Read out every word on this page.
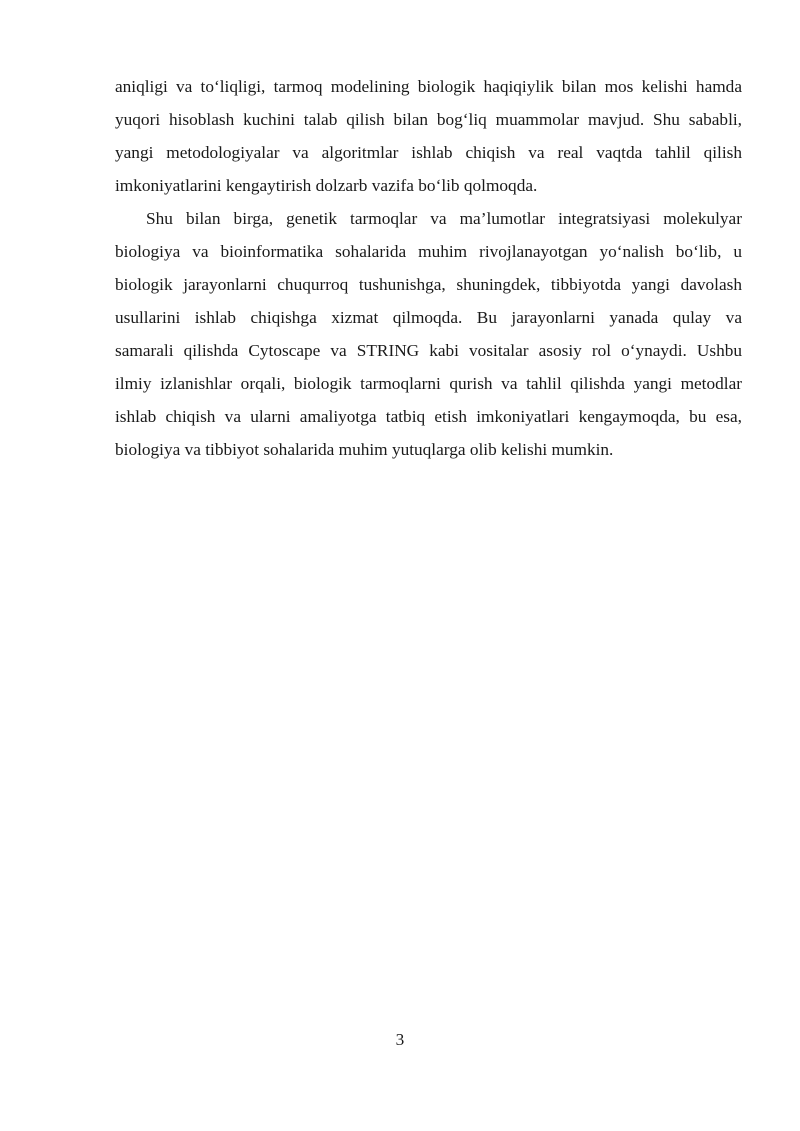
aniqligi va to‘liqligi, tarmoq modelining biologik haqiqiylik bilan mos kelishi hamda
yuqori hisoblash kuchini talab qilish bilan bog‘liq muammolar mavjud. Shu sababli,
yangi metodologiyalar va algoritmlar ishlab chiqish va real vaqtda tahlil qilish
imkoniyatlarini kengaytirish dolzarb vazifa bo‘lib qolmoqda.
Shu bilan birga, genetik tarmoqlar va ma’lumotlar integratsiyasi molekulyar
biologiya va bioinformatika sohalarida muhim rivojlanayotgan yo‘nalish bo‘lib, u
biologik jarayonlarni chuqurroq tushunishga, shuningdek, tibbiyotda yangi davolash
usullarini ishlab chiqishga xizmat qilmoqda. Bu jarayonlarni yanada qulay va
samarali qilishda Cytoscape va STRING kabi vositalar asosiy rol o‘ynaydi. Ushbu
ilmiy izlanishlar orqali, biologik tarmoqlarni qurish va tahlil qilishda yangi metodlar
ishlab chiqish va ularni amaliyotga tatbiq etish imkoniyatlari kengaymoqda, bu esa,
biologiya va tibbiyot sohalarida muhim yutuqlarga olib kelishi mumkin.
3
